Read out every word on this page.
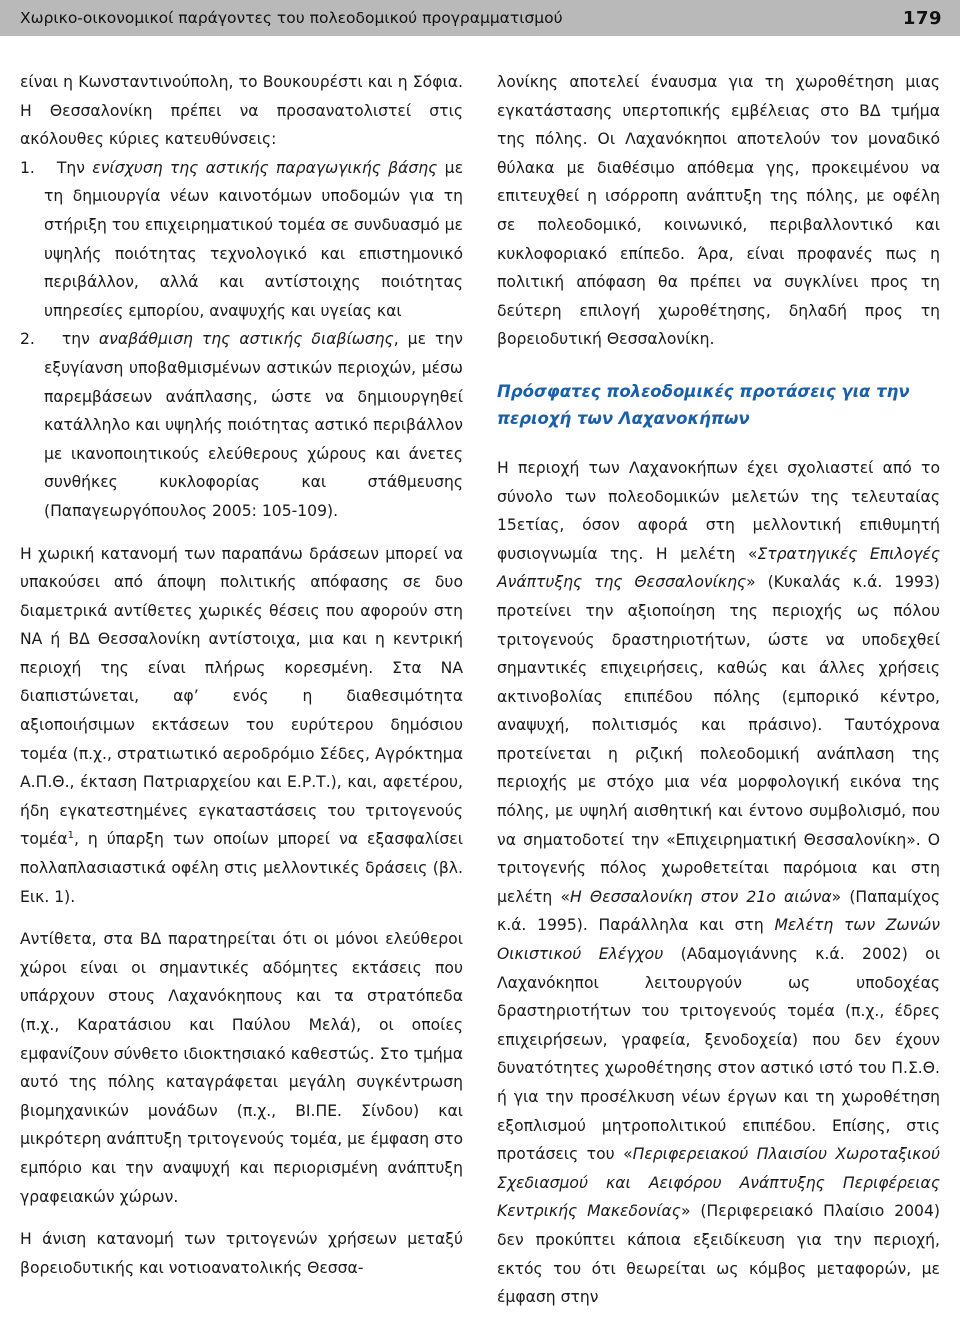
Χωρικο-οικονομικοί παράγοντες του πολεοδομικού προγραμματισμού	179

είναι η Κωνσταντινούπολη, το Βουκουρέστι και η Σόφια. Η Θεσσαλονίκη πρέπει να προσανατολιστεί στις ακόλουθες κύριες κατευθύνσεις:

1. Την ενίσχυση της αστικής παραγωγικής βάσης με τη δημιουργία νέων καινοτόμων υποδομών για τη στήριξη του επιχειρηματικού τομέα σε συνδυασμό με υψηλής ποιότητας τεχνολογικό και επιστημονικό περιβάλλον, αλλά και αντίστοιχης ποιότητας υπηρεσίες εμπορίου, αναψυχής και υγείας και

2. την αναβάθμιση της αστικής διαβίωσης, με την εξυγίανση υποβαθμισμένων αστικών περιοχών, μέσω παρεμβάσεων ανάπλασης, ώστε να δημιουργηθεί κατάλληλο και υψηλής ποιότητας αστικό περιβάλλον με ικανοποιητικούς ελεύθερους χώρους και άνετες συνθήκες κυκλοφορίας και στάθμευσης (Παπαγεωργόπουλος 2005: 105-109).

Η χωρική κατανομή των παραπάνω δράσεων μπορεί να υπακούσει από άποψη πολιτικής απόφασης σε δυο διαμετρικά αντίθετες χωρικές θέσεις που αφορούν στη ΝΑ ή ΒΔ Θεσσαλονίκη αντίστοιχα, μια και η κεντρική περιοχή της είναι πλήρως κορεσμένη. Στα ΝΑ διαπιστώνεται, αφ’ ενός η διαθεσιμότητα αξιοποιήσιμων εκτάσεων του ευρύτερου δημόσιου τομέα (π.χ., στρατιωτικό αεροδρόμιο Σέδες, Αγρόκτημα Α.Π.Θ., έκταση Πατριαρχείου και Ε.Ρ.Τ.), και, αφετέρου, ήδη εγκατεστημένες εγκαταστάσεις του τριτογενούς τομέα$^1$, η ύπαρξη των οποίων μπορεί να εξασφαλίσει πολλαπλασιαστικά οφέλη στις μελλοντικές δράσεις (βλ. Εικ. 1).

Αντίθετα, στα ΒΔ παρατηρείται ότι οι μόνοι ελεύθεροι χώροι είναι οι σημαντικές αδόμητες εκτάσεις που υπάρχουν στους Λαχανόκηπους και τα στρατόπεδα (π.χ., Καρατάσιου και Παύλου Μελά), οι οποίες εμφανίζουν σύνθετο ιδιοκτησιακό καθεστώς. Στο τμήμα αυτό της πόλης καταγράφεται μεγάλη συγκέντρωση βιομηχανικών μονάδων (π.χ., ΒΙ.ΠΕ. Σίνδου) και μικρότερη ανάπτυξη τριτογενούς τομέα, με έμφαση στο εμπόριο και την αναψυχή και περιορισμένη ανάπτυξη γραφειακών χώρων.

Η άνιση κατανομή των τριτογενών χρήσεων μεταξύ βορειοδυτικής και νοτιοανατολικής Θεσσα-

λονίκης αποτελεί έναυσμα για τη χωροθέτηση μιας εγκατάστασης υπερτοπικής εμβέλειας στο ΒΔ τμήμα της πόλης. Οι Λαχανόκηποι αποτελούν τον μοναδικό θύλακα με διαθέσιμο απόθεμα γης, προκειμένου να επιτευχθεί η ισόρροπη ανάπτυξη της πόλης, με οφέλη σε πολεοδομικό, κοινωνικό, περιβαλλοντικό και κυκλοφοριακό επίπεδο. Άρα, είναι προφανές πως η πολιτική απόφαση θα πρέπει να συγκλίνει προς τη δεύτερη επιλογή χωροθέτησης, δηλαδή προς τη βορειοδυτική Θεσσαλονίκη.

Πρόσφατες πολεοδομικές προτάσεις για την περιοχή των Λαχανοκήπων

Η περιοχή των Λαχανοκήπων έχει σχολιαστεί από το σύνολο των πολεοδομικών μελετών της τελευταίας 15ετίας, όσον αφορά στη μελλοντική επιθυμητή φυσιογνωμία της. Η μελέτη «Στρατηγικές Επιλογές Ανάπτυξης της Θεσσαλονίκης» (Κυκαλάς κ.ά. 1993) προτείνει την αξιοποίηση της περιοχής ως πόλου τριτογενούς δραστηριοτήτων, ώστε να υποδεχθεί σημαντικές επιχειρήσεις, καθώς και άλλες χρήσεις ακτινοβολίας επιπέδου πόλης (εμπορικό κέντρο, αναψυχή, πολιτισμός και πράσινο). Ταυτόχρονα προτείνεται η ριζική πολεοδομική ανάπλαση της περιοχής με στόχο μια νέα μορφολογική εικόνα της πόλης, με υψηλή αισθητική και έντονο συμβολισμό, που να σηματοδοτεί την «Επιχειρηματική Θεσσαλονίκη». Ο τριτογενής πόλος χωροθετείται παρόμοια και στη μελέτη «Η Θεσσαλονίκη στον 21ο αιώνα» (Παπαμίχος κ.ά. 1995). Παράλληλα και στη Μελέτη των Ζωνών Οικιστικού Ελέγχου (Αδαμογιάννης κ.ά. 2002) οι Λαχανόκηποι λειτουργούν ως υποδοχέας δραστηριοτήτων του τριτογενούς τομέα (π.χ., έδρες επιχειρήσεων, γραφεία, ξενοδοχεία) που δεν έχουν δυνατότητες χωροθέτησης στον αστικό ιστό του Π.Σ.Θ. ή για την προσέλκυση νέων έργων και τη χωροθέτηση εξοπλισμού μητροπολιτικού επιπέδου. Επίσης, στις προτάσεις του «Περιφερειακού Πλαισίου Χωροταξικού Σχεδιασμού και Αειφόρου Ανάπτυξης Περιφέρειας Κεντρικής Μακεδονίας» (Περιφερειακό Πλαίσιο 2004) δεν προκύπτει κάποια εξειδίκευση για την περιοχή, εκτός του ότι θεωρείται ως κόμβος μεταφορών, με έμφαση στην
